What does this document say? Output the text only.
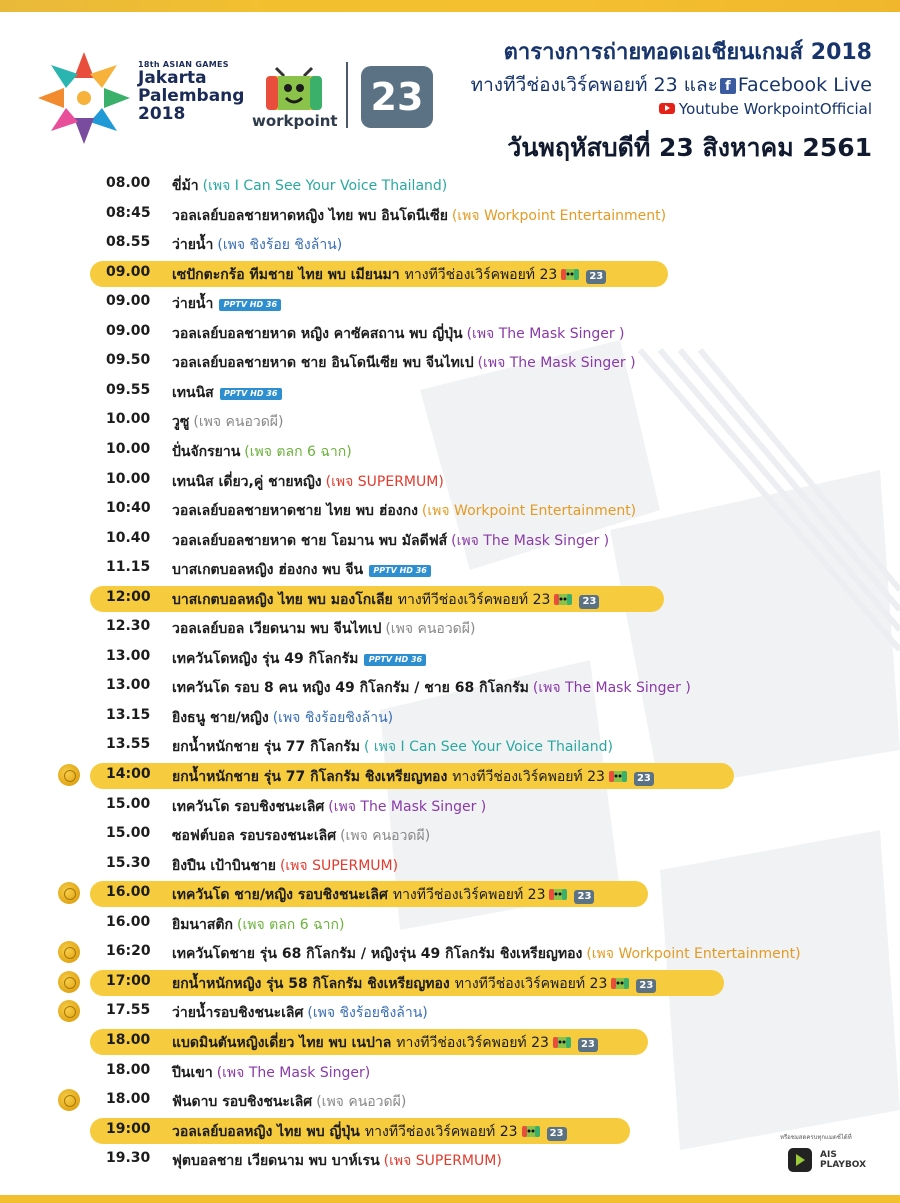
18th ASIAN GAMES
Jakarta
Palembang
2018	workpoint
23
ตารางการถ่ายทอดเอเชียนเกมส์ 2018
ทางทีวีช่องเวิร์คพอยท์ 23 และ f Facebook Live
Youtube WorkpointOfficial
วันพฤหัสบดีที่ 23 สิงหาคม 2561
08.00	ขี่ม้า (เพจ I Can See Your Voice Thailand)
08:45	วอลเลย์บอลชายหาดหญิง ไทย พบ อินโดนีเซีย (เพจ Workpoint Entertainment)
08.55	ว่ายน้ำ (เพจ ชิงร้อย ชิงล้าน)
09.00	เซปักตะกร้อ ทีมชาย ไทย พบ เมียนมา ทางทีวีช่องเวิร์คพอยท์ 23	23
09.00	ว่ายน้ำ PPTV HD 36
09.00	วอลเลย์บอลชายหาด หญิง คาซัคสถาน พบ ญี่ปุ่น (เพจ The Mask Singer )
09.50	วอลเลย์บอลชายหาด ชาย อินโดนีเซีย พบ จีนไทเป (เพจ The Mask Singer )
09.55	เทนนิส PPTV HD 36
10.00	วูซู (เพจ คนอวดผี)
10.00	ปั่นจักรยาน (เพจ ตลก 6 ฉาก)
10.00	เทนนิส เดี่ยว,คู่ ชายหญิง (เพจ SUPERMUM)
10:40	วอลเลย์บอลชายหาดชาย ไทย พบ ฮ่องกง (เพจ Workpoint Entertainment)
10.40	วอลเลย์บอลชายหาด ชาย โอมาน พบ มัลดีฟส์ (เพจ The Mask Singer )
11.15	บาสเกตบอลหญิง ฮ่องกง พบ จีน PPTV HD 36
12:00	บาสเกตบอลหญิง ไทย พบ มองโกเลีย ทางทีวีช่องเวิร์คพอยท์ 23	23
12.30	วอลเลย์บอล เวียดนาม พบ จีนไทเป (เพจ คนอวดผี)
13.00	เทควันโดหญิง รุ่น 49 กิโลกรัม PPTV HD 36
13.00	เทควันโด รอบ 8 คน หญิง 49 กิโลกรัม / ชาย 68 กิโลกรัม (เพจ The Mask Singer )
13.15	ยิงธนู ชาย/หญิง (เพจ ชิงร้อยชิงล้าน)
13.55	ยกน้ำหนักชาย รุ่น 77 กิโลกรัม ( เพจ I Can See Your Voice Thailand)
14:00	ยกน้ำหนักชาย รุ่น 77 กิโลกรัม ชิงเหรียญทอง ทางทีวีช่องเวิร์คพอยท์ 23	23
15.00	เทควันโด รอบชิงชนะเลิศ (เพจ The Mask Singer )
15.00	ซอฟต์บอล รอบรองชนะเลิศ (เพจ คนอวดผี)
15.30	ยิงปืน เป้าบินชาย (เพจ SUPERMUM)
16.00	เทควันโด ชาย/หญิง รอบชิงชนะเลิศ ทางทีวีช่องเวิร์คพอยท์ 23	23
16.00	ยิมนาสติก (เพจ ตลก 6 ฉาก)
16:20	เทควันโดชาย รุ่น 68 กิโลกรัม / หญิงรุ่น 49 กิโลกรัม ชิงเหรียญทอง (เพจ Workpoint Entertainment)
17:00	ยกน้ำหนักหญิง รุ่น 58 กิโลกรัม ชิงเหรียญทอง ทางทีวีช่องเวิร์คพอยท์ 23	23
17.55	ว่ายน้ำรอบชิงชนะเลิศ (เพจ ชิงร้อยชิงล้าน)
18.00	แบดมินตันหญิงเดี่ยว ไทย พบ เนปาล ทางทีวีช่องเวิร์คพอยท์ 23	23
18.00	ปีนเขา (เพจ The Mask Singer)
18.00	ฟันดาบ รอบชิงชนะเลิศ (เพจ คนอวดผี)
19:00	วอลเลย์บอลหญิง ไทย พบ ญี่ปุ่น ทางทีวีช่องเวิร์คพอยท์ 23	23
19.30	ฟุตบอลชาย เวียดนาม พบ บาห์เรน (เพจ SUPERMUM)
หรือชมสดครบทุกแมตช์ได้ที่
AIS
PLAYBOX
